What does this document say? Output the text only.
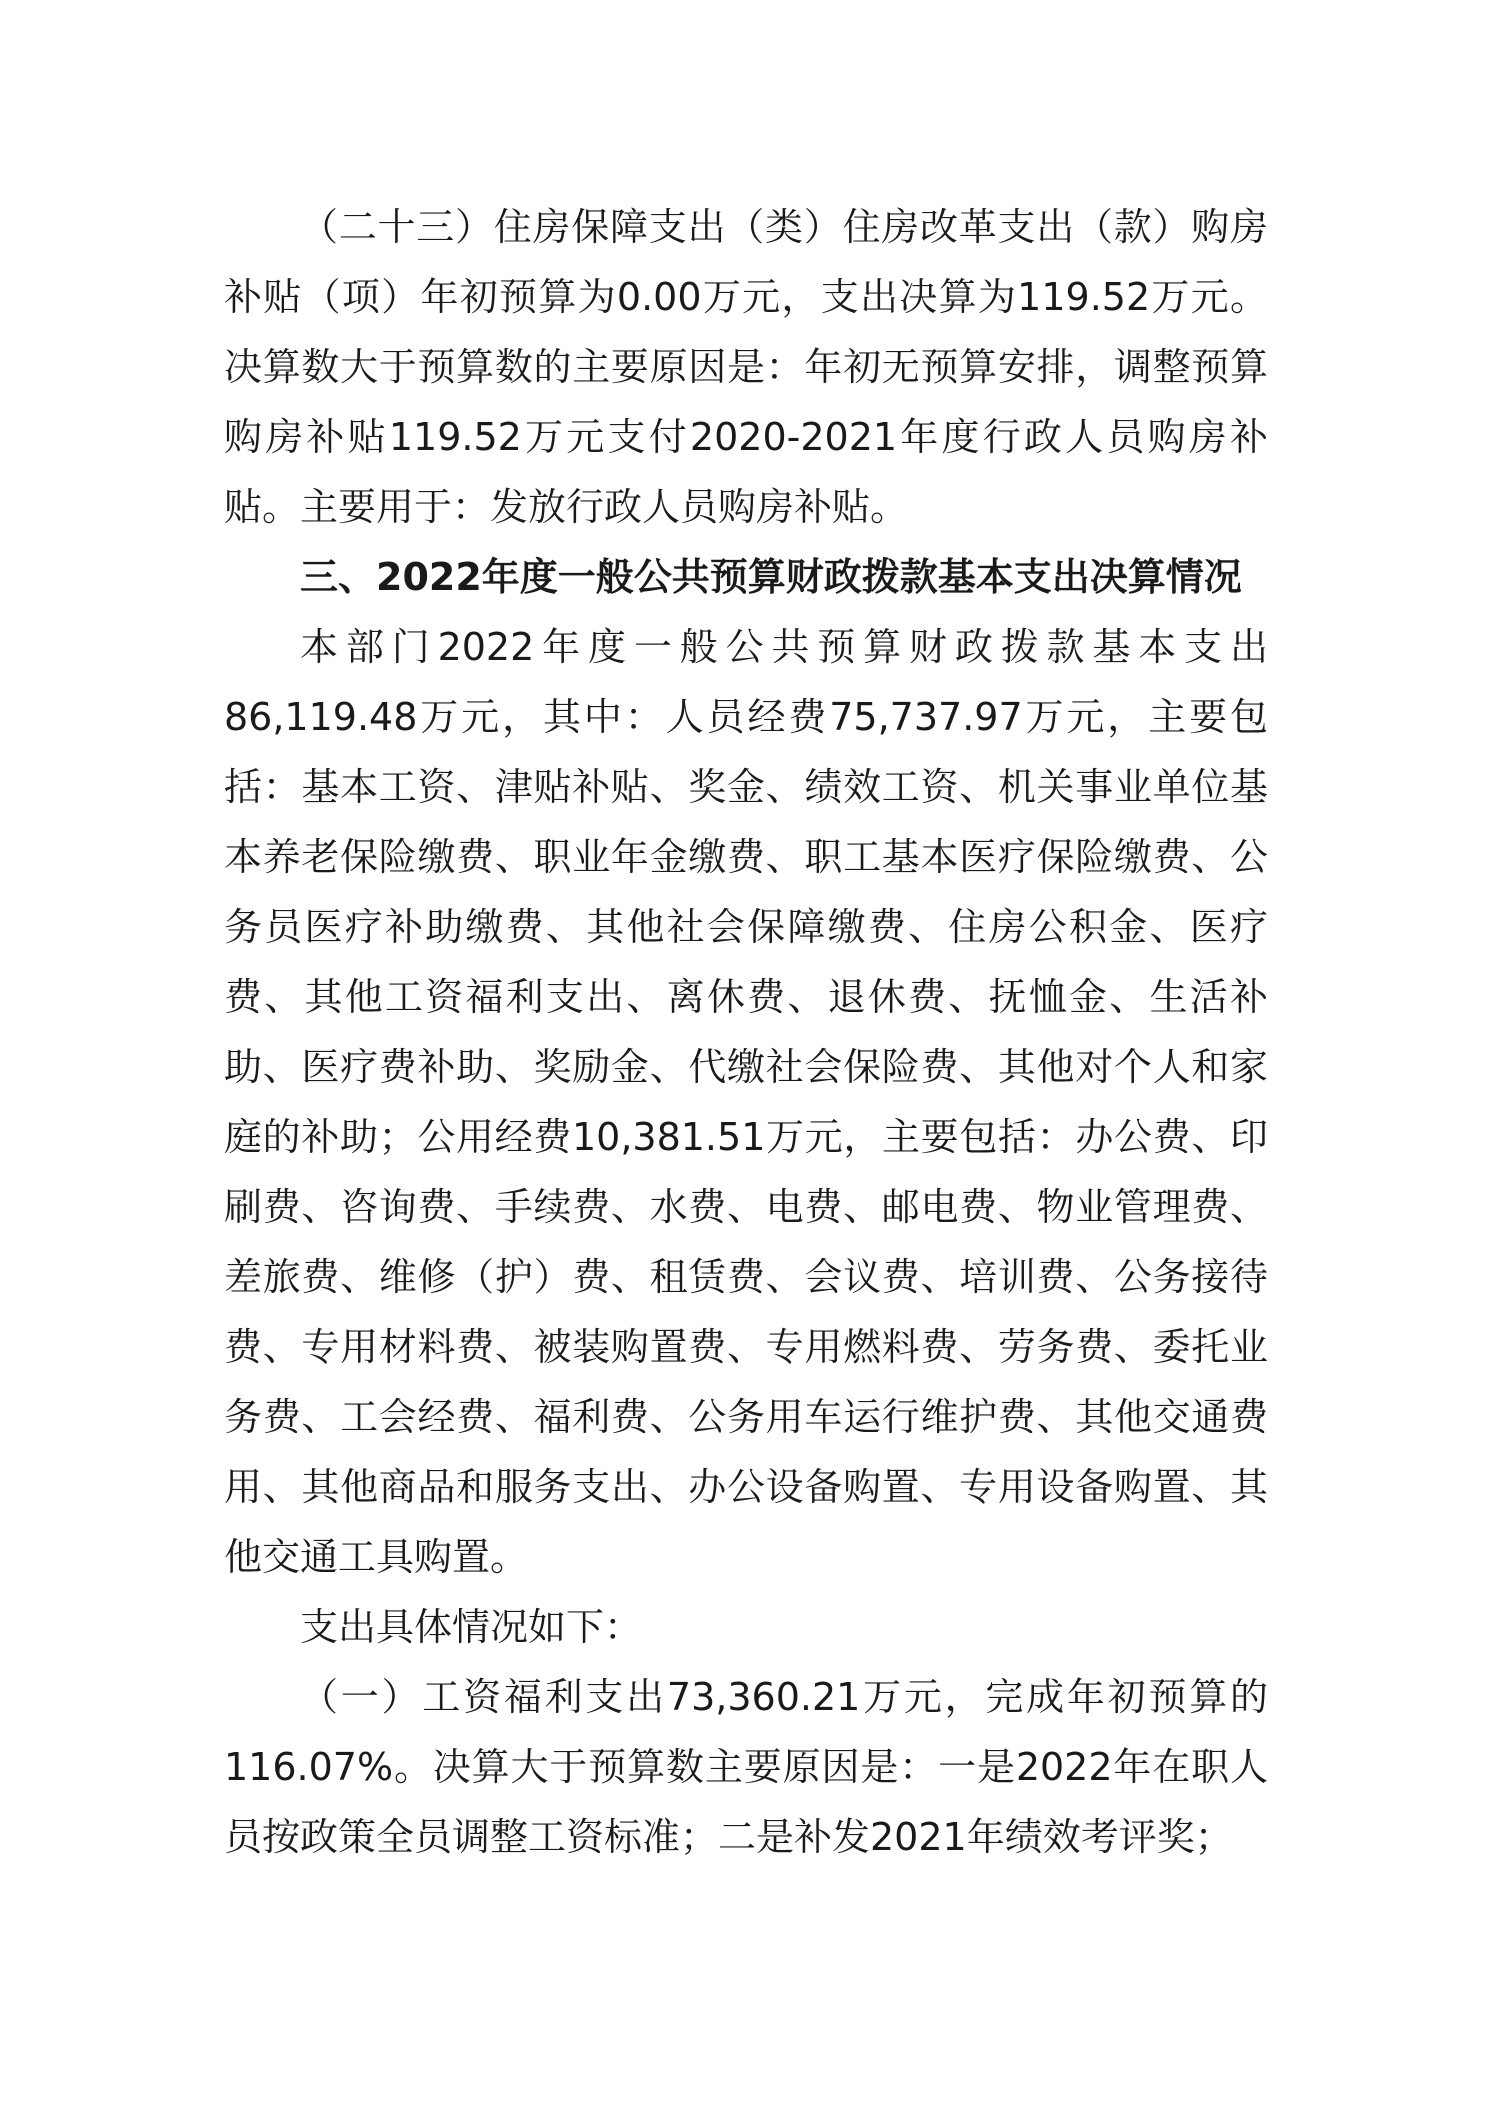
（二十三）住房保障支出（类）住房改革支出（款）购房补贴（项）年初预算为0.00万元，支出决算为119.52万元。决算数大于预算数的主要原因是：年初无预算安排，调整预算购房补贴119.52万元支付2020-2021年度行政人员购房补贴。主要用于：发放行政人员购房补贴。

三、2022年度一般公共预算财政拨款基本支出决算情况

本部门2022年度一般公共预算财政拨款基本支出86,119.48万元，其中：人员经费75,737.97万元，主要包括：基本工资、津贴补贴、奖金、绩效工资、机关事业单位基本养老保险缴费、职业年金缴费、职工基本医疗保险缴费、公务员医疗补助缴费、其他社会保障缴费、住房公积金、医疗费、其他工资福利支出、离休费、退休费、抚恤金、生活补助、医疗费补助、奖励金、代缴社会保险费、其他对个人和家庭的补助；公用经费10,381.51万元，主要包括：办公费、印刷费、咨询费、手续费、水费、电费、邮电费、物业管理费、差旅费、维修（护）费、租赁费、会议费、培训费、公务接待费、专用材料费、被装购置费、专用燃料费、劳务费、委托业务费、工会经费、福利费、公务用车运行维护费、其他交通费用、其他商品和服务支出、办公设备购置、专用设备购置、其他交通工具购置。

支出具体情况如下：

（一）工资福利支出73,360.21万元，完成年初预算的116.07%。决算大于预算数主要原因是：一是2022年在职人员按政策全员调整工资标准；二是补发2021年绩效考评奖；
